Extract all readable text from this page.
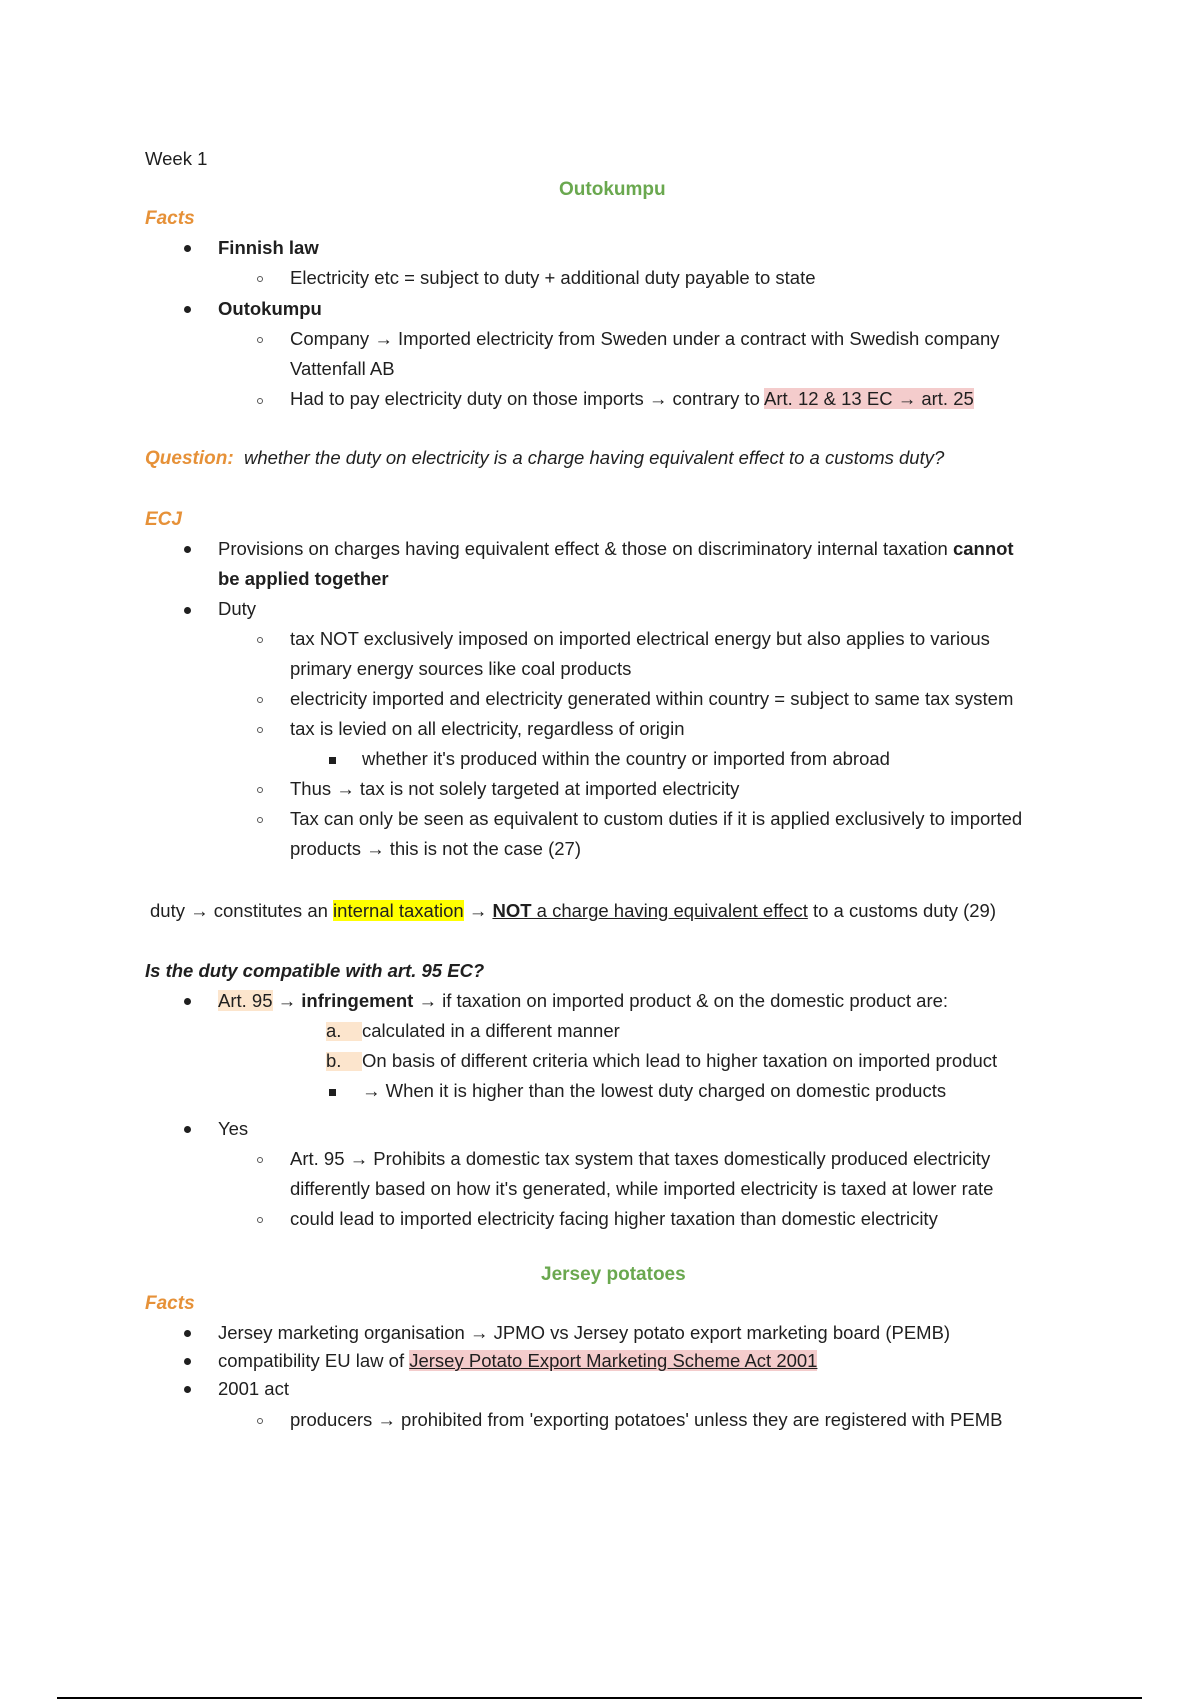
Week 1
Outokumpu
Facts
Finnish law
Electricity etc = subject to duty + additional duty payable to state
Outokumpu
Company → Imported electricity from Sweden under a contract with Swedish company
Vattenfall AB
Had to pay electricity duty on those imports → contrary to Art. 12 & 13 EC → art. 25
Question: whether the duty on electricity is a charge having equivalent effect to a customs duty?
ECJ
Provisions on charges having equivalent effect & those on discriminatory internal taxation cannot
be applied together
Duty
tax NOT exclusively imposed on imported electrical energy but also applies to various
primary energy sources like coal products
electricity imported and electricity generated within country = subject to same tax system
tax is levied on all electricity, regardless of origin
whether it's produced within the country or imported from abroad
Thus → tax is not solely targeted at imported electricity
Tax can only be seen as equivalent to custom duties if it is applied exclusively to imported
products → this is not the case (27)
duty → constitutes an internal taxation → NOT a charge having equivalent effect to a customs duty (29)
Is the duty compatible with art. 95 EC?
Art. 95 → infringement → if taxation on imported product & on the domestic product are:
a. calculated in a different manner
b. On basis of different criteria which lead to higher taxation on imported product
→ When it is higher than the lowest duty charged on domestic products
Yes
Art. 95 → Prohibits a domestic tax system that taxes domestically produced electricity
differently based on how it's generated, while imported electricity is taxed at lower rate
could lead to imported electricity facing higher taxation than domestic electricity
Jersey potatoes
Facts
Jersey marketing organisation → JPMO vs Jersey potato export marketing board (PEMB)
compatibility EU law of Jersey Potato Export Marketing Scheme Act 2001
2001 act
producers → prohibited from 'exporting potatoes' unless they are registered with PEMB
